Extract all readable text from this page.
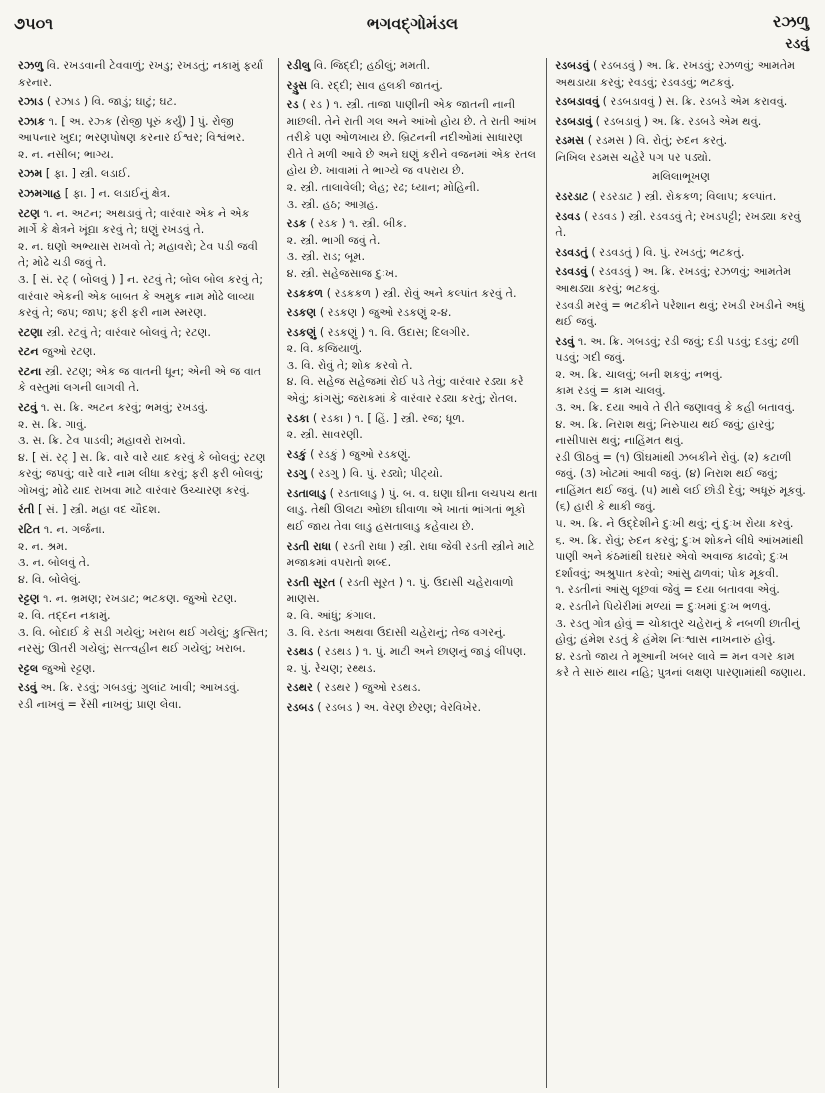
૭૫૦૧	ભગવદ્ગોમંડલ	રઝળુ
રડવું
રઝળુ વિ. રખડવાની ટેવવાળું; રખડુ; રખડતું; નકામું ફર્યા કરનાર.
રઝાડ ( રઝાડ ) વિ. જાડું; ઘાટું; ઘટ.
રઝાક ૧. [ અ. રઝ્ક (રોજી પૂરું કર્યું) ] પું. રોજી આપનાર ખુદા; ભરણપોષણ કરનાર ઈશ્વર; વિશ્વંભર.
૨. ન. નસીબ; ભાગ્ય.
રઝમ [ ફા. ] સ્ત્રી. લડાઈ.
રઝમગાહ [ ફા. ] ન. લડાઈનું ક્ષેત્ર.
રટણ ૧. ન. અટન; અથડાવું તે; વારંવાર એક ને એક માર્ગે કે ક્ષેત્રને ખૂંદ્યા કરવું તે; ઘણું રખડવું તે.
૨. ન. ઘણો અભ્યાસ રાખવો તે; મહાવરો; ટેવ પડી જવી તે; મોઢે ચડી જવું તે.
૩. [ સં. રટ્ ( બોલવું ) ] ન. રટવું તે; બોલ બોલ કરવું તે; વારંવાર એકની એક બાબત કે અમુક નામ મોઢે લાવ્યા કરવું તે; જપ; જાપ; ફરી ફરી નામ સ્મરણ.
રટણા સ્ત્રી. રટવું તે; વારંવાર બોલવું તે; રટણ.
રટન જુઓ રટણ.
રટના સ્ત્રી. રટણ; એક જ વાતની ધૂન; એની એ જ વાત કે વસ્તુમાં લગની લાગવી તે.
રટવું ૧. સ. ક્રિ. અટન કરવું; ભમવું; રખડવું.
૨. સ. ક્રિ. ગાવું.
૩. સ. ક્રિ. ટેવ પાડવી; મહાવરો રાખવો.
૪. [ સં. રટ્ ] સ. ક્રિ. વારે વારે યાદ કરવું કે બોલવું; રટણ કરવું; જપવું; વારે વારે નામ લીધા કરવું; ફરી ફરી બોલવું; ગોખવું; મોઢે યાદ રાખવા માટે વારંવાર ઉચ્ચારણ કરવું.
રંતી [ સં. ] સ્ત્રી. મહા વદ ચૌદશ.
રટિત ૧. ન. ગર્જના.
૨. ન. શ્રમ.
૩. ન. બોલવું તે.
૪. વિ. બોલેલું.
રટ્ટણ ૧. ન. ભ્રમણ; રખડાટ; ભટકણ. જુઓ રટણ.
૨. વિ. તદ્દન નકામું.
૩. વિ. બોદાઈ કે સડી ગયેલું; ખરાબ થઈ ગયેલું; કુત્સિત; નરસું; ઊતરી ગયેલું; સત્ત્વહીન થઈ ગયેલું; ખરાબ.
રટ્ટલ જુઓ રટ્ટણ.
રડવું અ. ક્રિ. રડવું; ગબડવું; ગુલાંટ ખાવી; આખડવું.
રડી નાખવું = રેંસી નાખવું; પ્રાણ લેવા.
રડીલુ વિ. જિદ્દી; હઠીલું; મમતી.
રડ્ડુસ વિ. રદ્દી; સાવ હલકી જાતનું.
રડ ( રડ ) ૧. સ્ત્રી. તાજા પાણીની એક જાતની નાની માછલી. તેને રાતી ગલ અને આંખો હોય છે. તે રાતી આંખ તરીકે પણ ઓળખાય છે. બ્રિટનની નદીઓમાં સાધારણ રીતે તે મળી આવે છે અને ઘણું કરીને વજનમાં એક રતલ હોય છે. ખાવામાં તે ભાગ્યે જ વપરાય છે.
૨. સ્ત્રી. તાલાવેલી; લેહ; રઢ; ધ્યાન; મોહિની.
૩. સ્ત્રી. હઠ; આગ્રહ.
રડક ( રડક ) ૧. સ્ત્રી. બીક.
૨. સ્ત્રી. ભાગી જવું તે.
૩. સ્ત્રી. રાડ; બૂમ.
૪. સ્ત્રી. સહેજસાજ દુઃખ.
રડકકળ ( રડકકળ ) સ્ત્રી. રોવું અને કલ્પાંત કરવું તે.
રડકણ ( રડકણ ) જુઓ રડકણું ૨-૪.
રડકણું ( રડકણું ) ૧. વિ. ઉદાસ; દિલગીર.
૨. વિ. કજિયાળું.
૩. વિ. રોવું તે; શોક કરવો તે.
૪. વિ. સહેજ સહેજમાં રોઈ પડે તેવું; વારંવાર રડ્યા કરે એવું; કાંગસું; જરાકમાં કે વારંવાર રડ્યા કરતું; રોતલ.
રડકા ( રડકા ) ૧. [ હિં. ] સ્ત્રી. રજ; ધૂળ.
૨. સ્ત્રી. સાવરણી.
રડકું ( રડકું ) જુઓ રડકણું.
રડગુ ( રડગુ ) વિ. પું. રડ્યો; પીટ્યો.
રડતાલાડુ ( રડતાલાડુ ) પું. બ. વ. ઘણા ઘીના લચપચ થતા લાડુ. તેથી ઊલટા ઓછા ઘીવાળા એ ખાતાં ભાંગતાં ભૂકો થઈ જાય તેવા લાડુ હસતાલાડુ કહેવાય છે.
રડતી રાધા ( રડતી રાધા ) સ્ત્રી. રાધા જેવી રડતી સ્ત્રીને માટે મજાકમાં વપરાતો શબ્દ.
રડતી સૂરત ( રડતી સૂરત ) ૧. પું. ઉદાસી ચહેરાવાળો માણસ.
૨. વિ. આંધું; કંગાલ.
૩. વિ. રડતા અથવા ઉદાસી ચહેરાનું; તેજ વગરનું.
રડથડ ( રડથડ ) ૧. પું. માટી અને છાણનું જાડું લીંપણ.
૨. પું. રેચણ; રથ્થડ.
રડથર ( રડથર ) જુઓ રડથડ.
રડબડ ( રડબડ ) અ. વેરણ છેરણ; વેરવિખેર.
રડબડવું ( રડબડવું ) અ. ક્રિ. રખડવું; રઝળવું; આમતેમ અથડાયા કરવું; રવડવું; રડવડવું; ભટકવું.
રડબડાવવું ( રડબડાવવું ) સ. ક્રિ. રડબડે એમ કરાવવું.
રડબડાવું ( રડબડાવું ) અ. ક્રિ. રડબડે એમ થવું.
રડમસ ( રડમસ ) વિ. રોતું; રુદન કરતું.
નિખિલ રડમસ ચહેરે પગ પર પડ્યો.
મલિલાભૂખણ
રડરડાટ ( રડરડાટ ) સ્ત્રી. રોકકળ; વિલાપ; કલ્પાંત.
રડવડ ( રડવડ ) સ્ત્રી. રડવડવું તે; રખડપટ્ટી; રખડ્યા કરવું તે.
રડવડતું ( રડવડતું ) વિ. પું. રખડતું; ભટકતું.
રડવડવું ( રડવડવું ) અ. ક્રિ. રખડવું; રઝળવું; આમતેમ આથડ્યા કરવું; ભટકવું.
રડવડી મરવું = ભટકીને પરેશાન થવું; રખડી રખડીને અધું થઈ જવું.
રડવું ૧. અ. ક્રિ. ગબડવું; રડી જવું; દડી પડવું; દડવું; ઢળી પડવું; ગદી જવું.
૨. અ. ક્રિ. ચાલવું; બની શકવું; નભવું.
કામ રડવું = કામ ચાલવું.
૩. અ. ક્રિ. દયા આવે તે રીતે જણાવવું કે કહી બતાવવું.
૪. અ. ક્રિ. નિરાશ થવું; નિરુપાય થઈ જવું; હારવું; નાસીપાસ થવું; નાહિંમત થવું.
રડી ઊઠવું = (૧) ઊંઘમાંથી ઝબકીને રોવું. (૨) કટાળી જવું. (૩) ખોટમાં આવી જવું. (૪) નિરાશ થઈ જવું; નાહિંમત થઈ જવું. (૫) માથે લઈ છોડી દેવું; અધૂરું મૂકવું. (૬) હારી કે થાકી જવું.
૫. અ. ક્રિ. ને ઉદ્દેશીને દુઃખી થવું; નું દુઃખ રોયા કરવું.
૬. અ. ક્રિ. રોવું; રુદન કરવું; દુઃખ શોકને લીધે આંખમાંથી પાણી અને કંઠમાંથી ઘરઘર એવો અવાજ કાઢવો; દુઃખ દર્શાવવું; અશ્રુપાત કરવો; આંસુ ઢાળવાં; પોક મૂકવી.
૧. રડતીનાં આંસુ લૂછવાં જેવું = દયા બતાવવા એવું.
૨. રડતીને પિયેરીમાં મળ્યાં = દુઃખમાં દુઃખ ભળવું.
૩. રડતુ ગોત્ર હોવું = ચોકાતુર ચહેરાનું કે નબળી છાતીનું હોવું; હંમેશ રડતું કે હંમેશ નિઃશ્વાસ નાખનારું હોવું.
૪. રડતો જાય તે મૂઆની ખબર લાવે = મન વગર કામ કરે તે સારું થાય નહિ; પુત્રનાં લક્ષણ પારણામાંથી જણાય.
